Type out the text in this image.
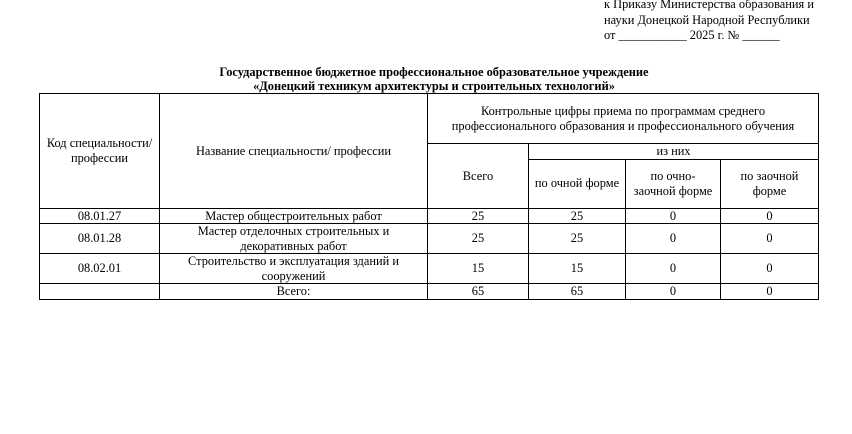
к Приказу Министерства образования и
науки Донецкой Народной Республики
от ___________ 2025 г. № ______
Государственное бюджетное профессиональное образовательное учреждение
«Донецкий техникум архитектуры и строительных технологий»
Код специальности/ профессии	Название специальности/ профессии	Контрольные цифры приема по программам среднего профессионального образования и профессионального обучения			
		Всего	из них		
			по очной форме	по очно-заочной форме	по заочной форме
08.01.27	Мастер общестроительных работ	25	25	0	0
08.01.28	Мастер отделочных строительных и декоративных работ	25	25	0	0
08.02.01	Строительство и эксплуатация зданий и сооружений	15	15	0	0
	Всего:	65	65	0	0
